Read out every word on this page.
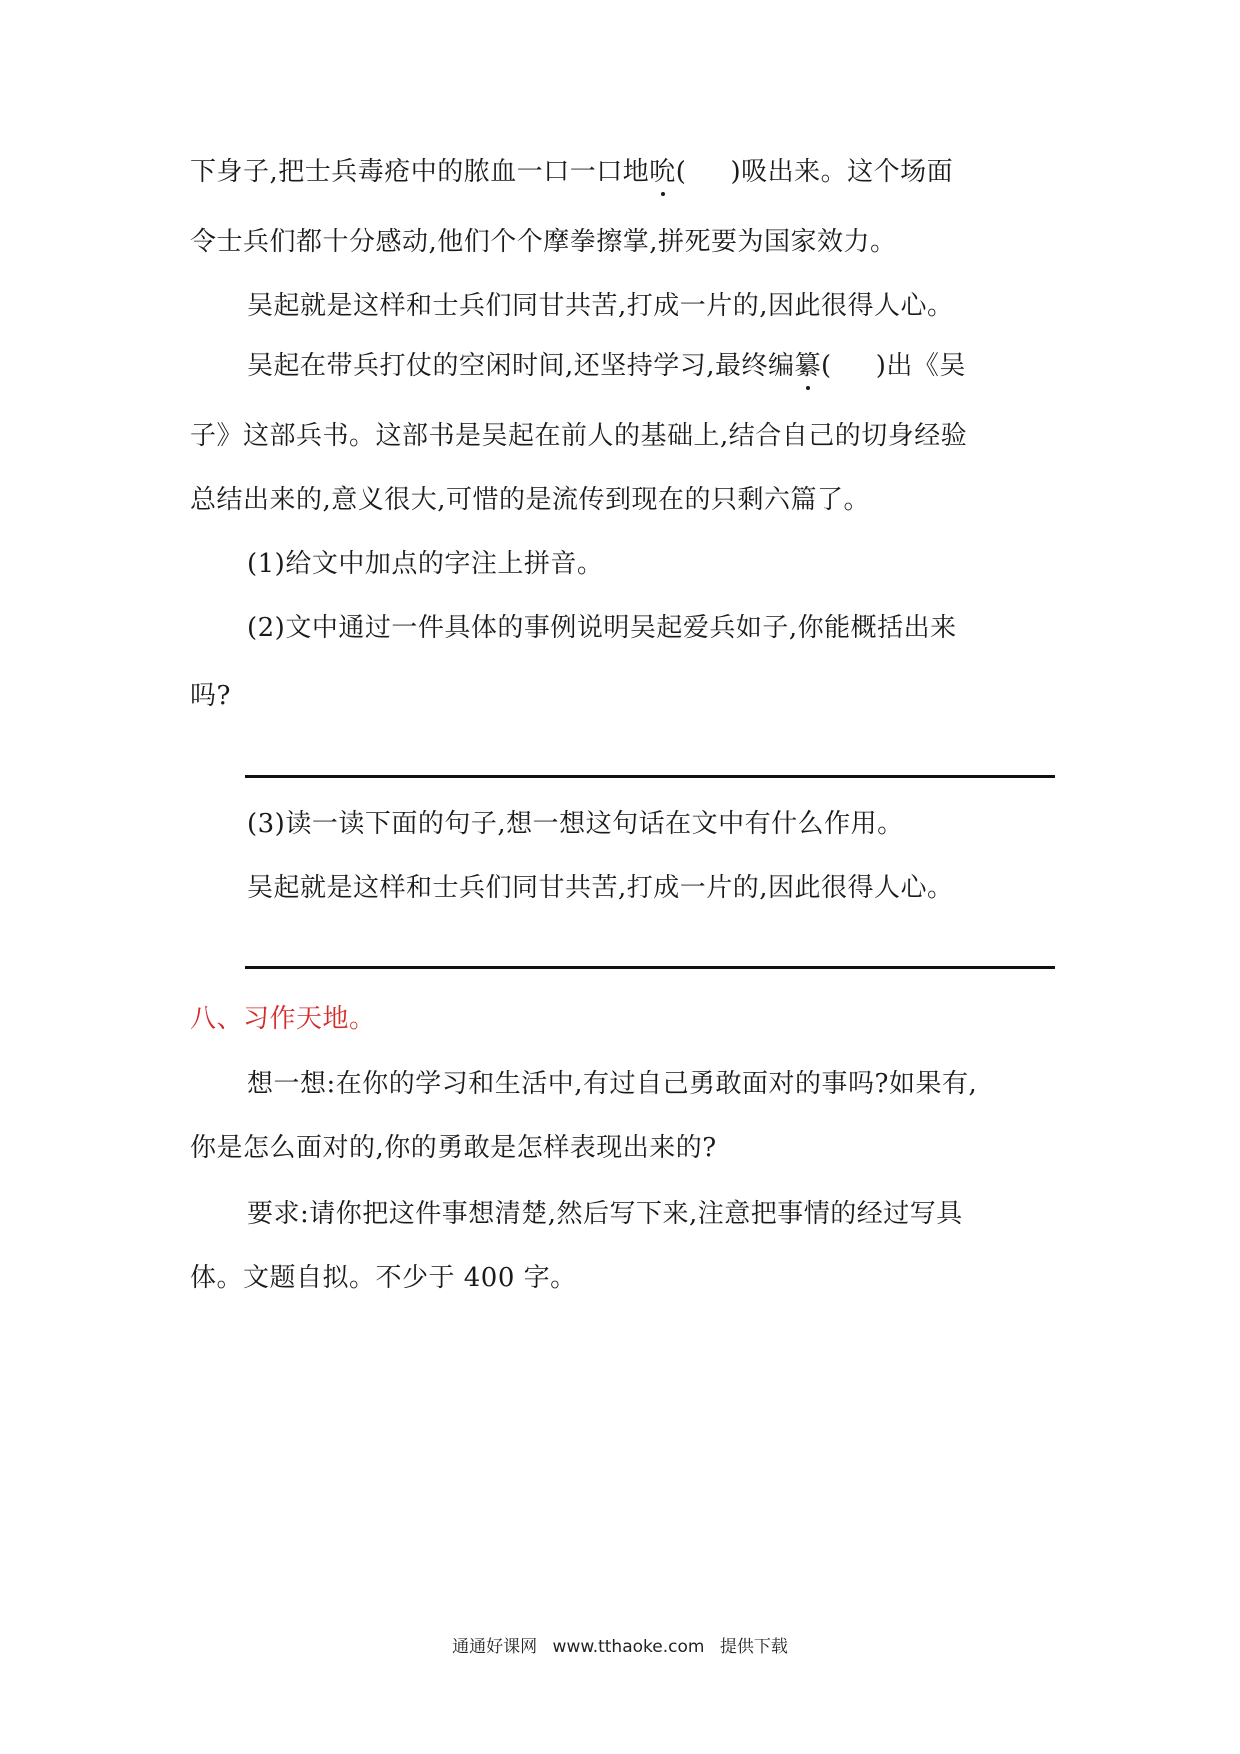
下身子,把士兵毒疮中的脓血一口一口地吮( )吸出来。这个场面
令士兵们都十分感动,他们个个摩拳擦掌,拼死要为国家效力。
吴起就是这样和士兵们同甘共苦,打成一片的,因此很得人心。
吴起在带兵打仗的空闲时间,还坚持学习,最终编纂( )出《吴
子》这部兵书。这部书是吴起在前人的基础上,结合自己的切身经验
总结出来的,意义很大,可惜的是流传到现在的只剩六篇了。
(1)给文中加点的字注上拼音。
(2)文中通过一件具体的事例说明吴起爱兵如子,你能概括出来
吗?
(3)读一读下面的句子,想一想这句话在文中有什么作用。
吴起就是这样和士兵们同甘共苦,打成一片的,因此很得人心。
八、习作天地。
想一想:在你的学习和生活中,有过自己勇敢面对的事吗?如果有,
你是怎么面对的,你的勇敢是怎样表现出来的?
要求:请你把这件事想清楚,然后写下来,注意把事情的经过写具
体。文题自拟。不少于 400 字。
通通好课网 www.tthaoke.com 提供下载
